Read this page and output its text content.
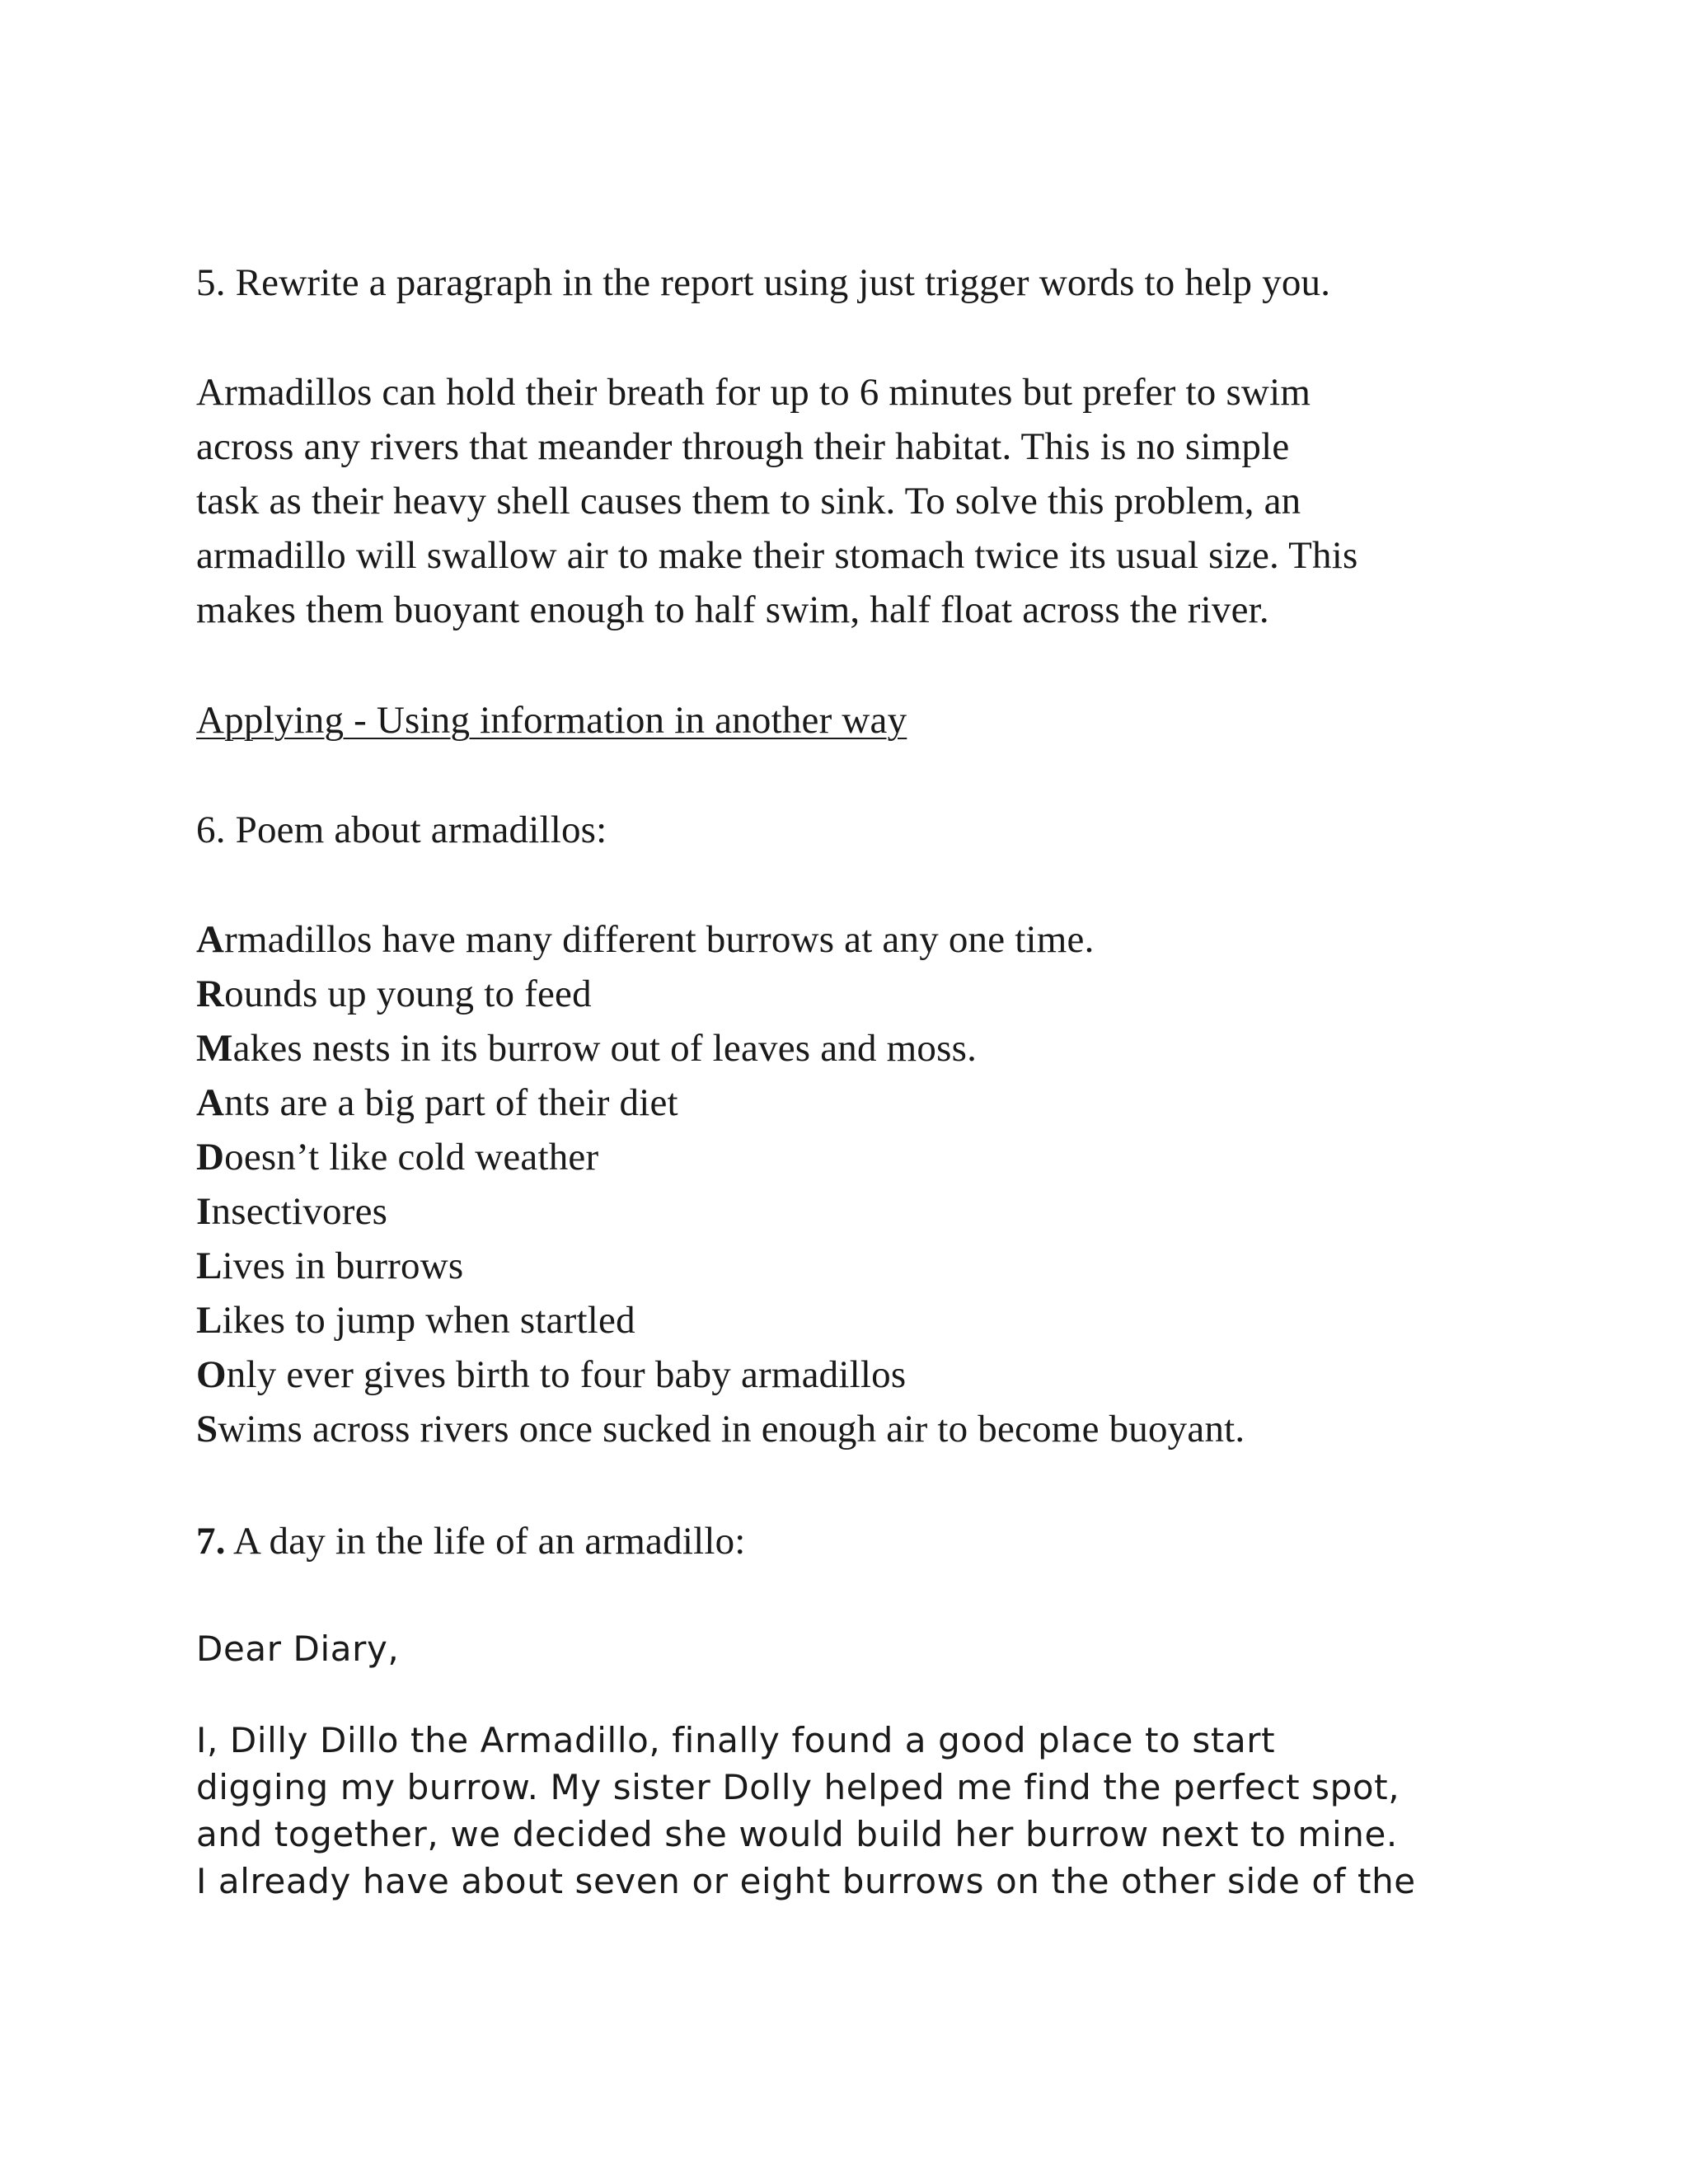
5. Rewrite a paragraph in the report using just trigger words to help you.

Armadillos can hold their breath for up to 6 minutes but prefer to swim

across any rivers that meander through their habitat. This is no simple

task as their heavy shell causes them to sink. To solve this problem, an

armadillo will swallow air to make their stomach twice its usual size. This

makes them buoyant enough to half swim, half float across the river.

Applying - Using information in another way

6. Poem about armadillos:

Armadillos have many different burrows at any one time.

Rounds up young to feed

Makes nests in its burrow out of leaves and moss.

Ants are a big part of their diet

Doesn’t like cold weather

Insectivores

Lives in burrows

Likes to jump when startled

Only ever gives birth to four baby armadillos

Swims across rivers once sucked in enough air to become buoyant.

7. A day in the life of an armadillo:

Dear Diary,

I, Dilly Dillo the Armadillo, finally found a good place to start

digging my burrow. My sister Dolly helped me find the perfect spot,

and together, we decided she would build her burrow next to mine.

I already have about seven or eight burrows on the other side of the
